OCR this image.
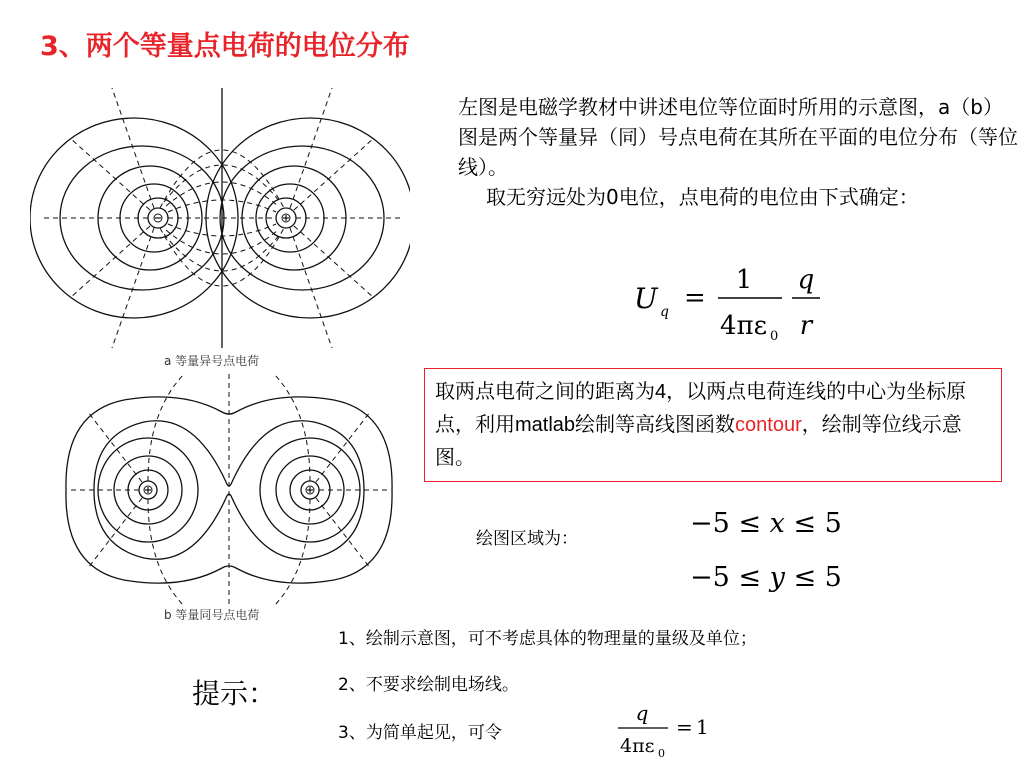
3、两个等量点电荷的电位分布
a 等量异号点电荷
b 等量同号点电荷

左图是电磁学教材中讲述电位等位面时所用的示意图，a（b）图是两个等量异（同）号点电荷在其所在平面的电位分布（等位线）。

取无穷远处为0电位，点电荷的电位由下式确定：

U q =
1
4πε 0
q
r
取两点电荷之间的距离为4，以两点电荷连线的中心为坐标原点，利用matlab绘制等高线图函数contour，绘制等位线示意图。
绘图区域为：	−5 ≤ x ≤ 5
−5 ≤ y ≤ 5
提示：
1、绘制示意图，可不考虑具体的物理量的量级及单位；
2、不要求绘制电场线。
3、为简单起见，可令
q
4πε 0
= 1
